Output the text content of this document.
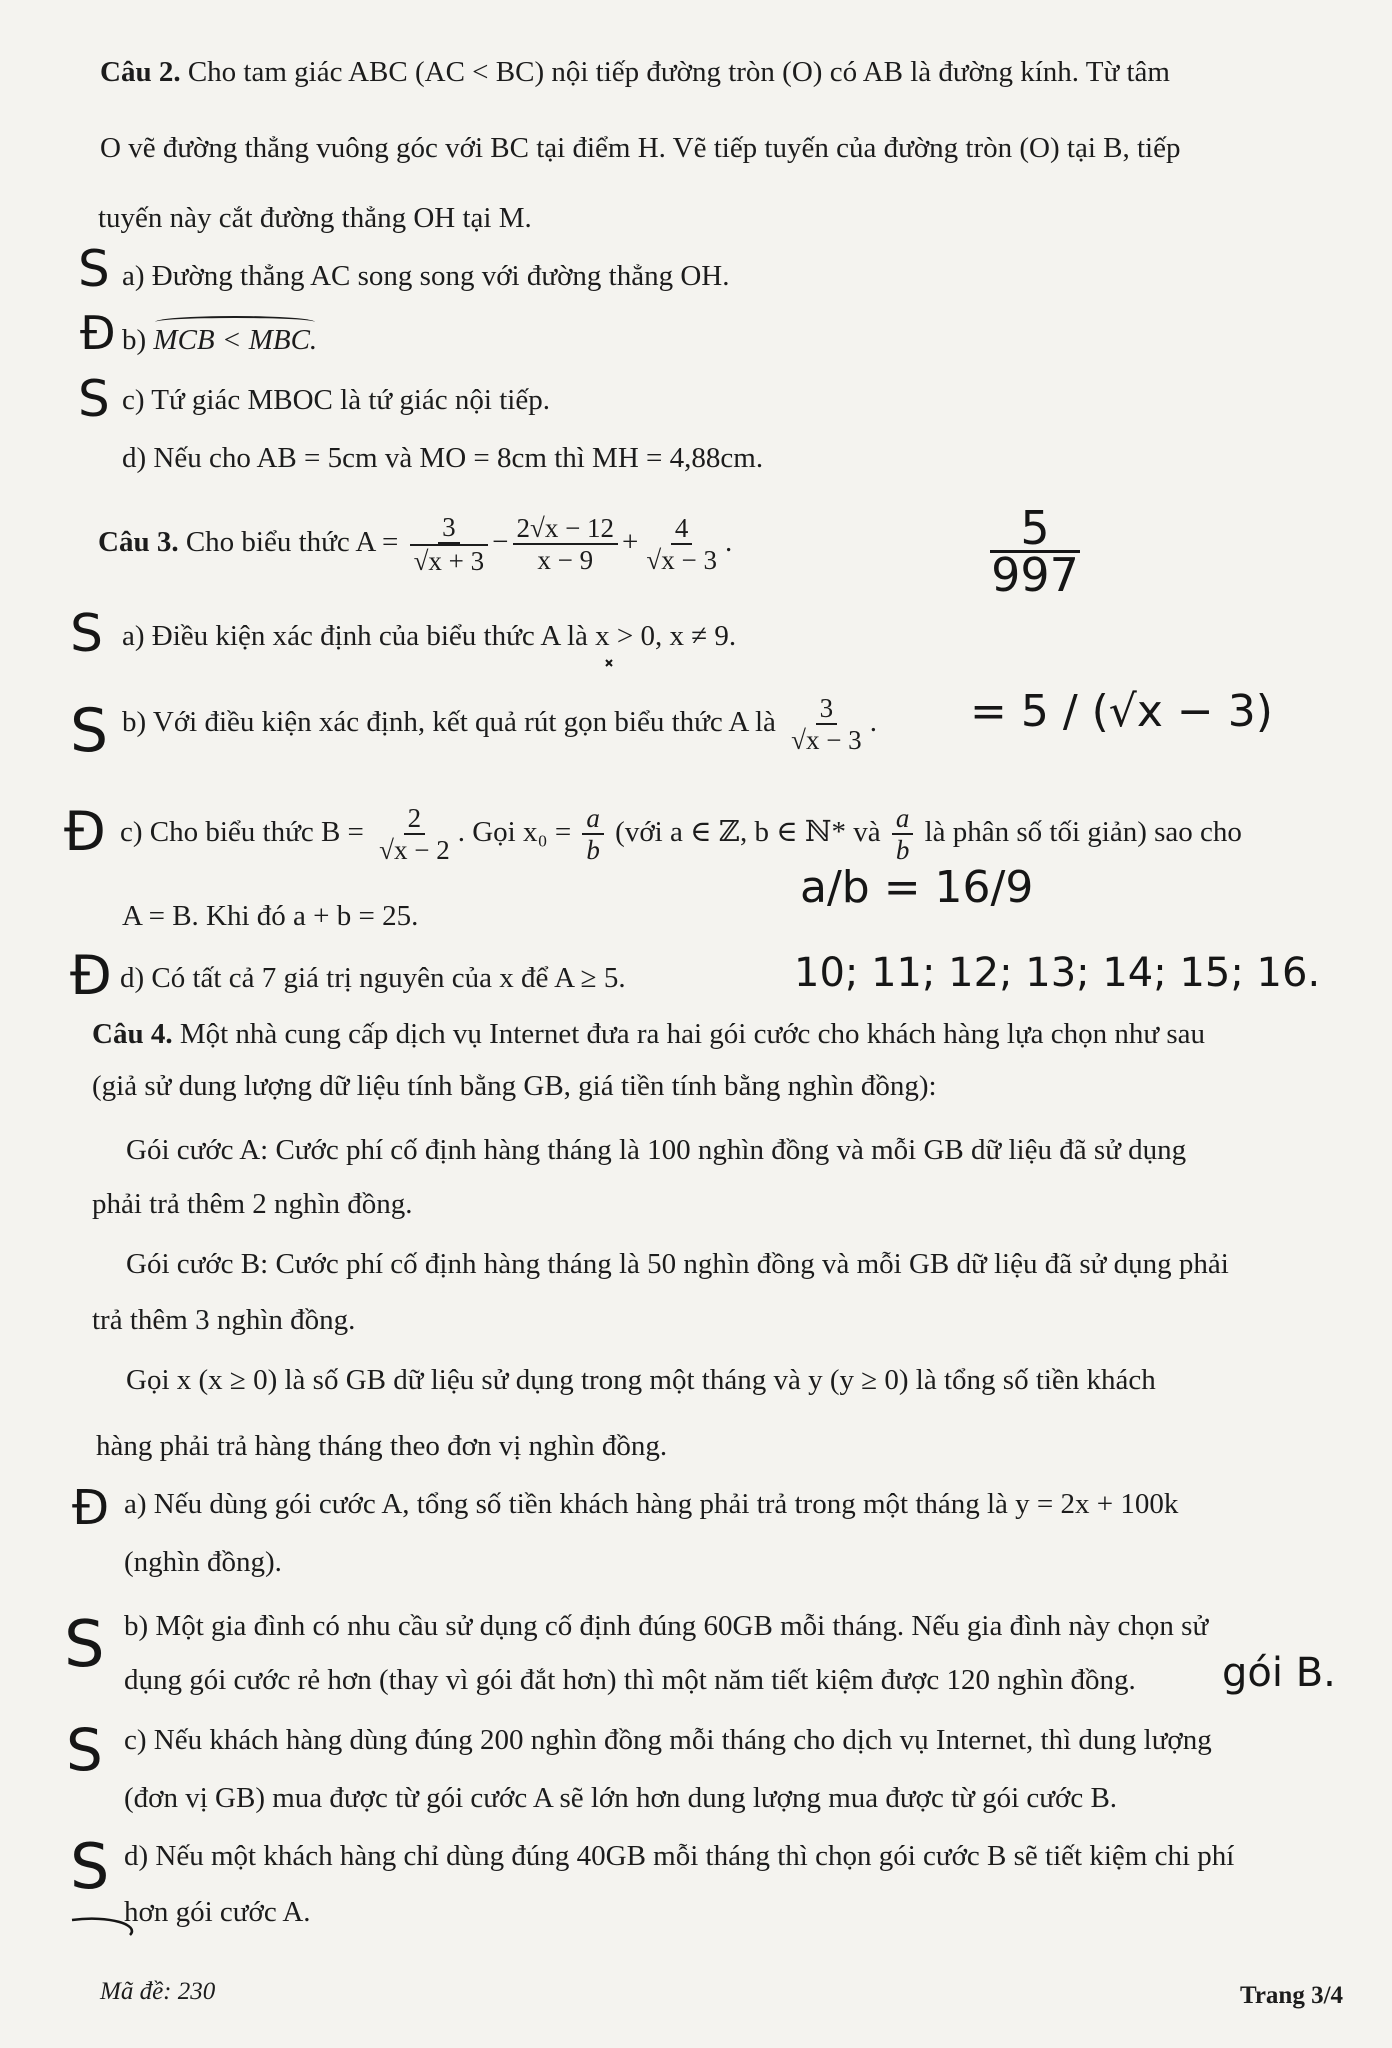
Câu 2. Cho tam giác ABC (AC < BC) nội tiếp đường tròn (O) có AB là đường kính. Từ tâm
O vẽ đường thẳng vuông góc với BC tại điểm H. Vẽ tiếp tuyến của đường tròn (O) tại B, tiếp
tuyến này cắt đường thẳng OH tại M.
a) Đường thẳng AC song song với đường thẳng OH.
b) MCB < MBC.
c) Tứ giác MBOC là tứ giác nội tiếp.
d) Nếu cho AB = 5cm và MO = 8cm thì MH = 4,88cm.
Câu 3. Cho biểu thức $A = \frac{3}{√x + 3} - \frac{2√x - 12}{x - 9} + \frac{4}{√x - 3}$ .
a) Điều kiện xác định của biểu thức A là x > 0, x ≠ 9.
b) Với điều kiện xác định, kết quả rút gọn biểu thức A là $\frac{3}{√x - 3}$ .
c) Cho biểu thức $B = \frac{2}{√x - 2}$ . Gọi $x_0 = \frac{a}{b}$ (với a ∈ ℤ, b ∈ ℕ* và $\frac{a}{b}$ là phân số tối giản) sao cho
A = B. Khi đó a + b = 25.
d) Có tất cả 7 giá trị nguyên của x để A ≥ 5.
Câu 4. Một nhà cung cấp dịch vụ Internet đưa ra hai gói cước cho khách hàng lựa chọn như sau
(giả sử dung lượng dữ liệu tính bằng GB, giá tiền tính bằng nghìn đồng):
Gói cước A: Cước phí cố định hàng tháng là 100 nghìn đồng và mỗi GB dữ liệu đã sử dụng
phải trả thêm 2 nghìn đồng.
Gói cước B: Cước phí cố định hàng tháng là 50 nghìn đồng và mỗi GB dữ liệu đã sử dụng phải
trả thêm 3 nghìn đồng.
Gọi x (x ≥ 0) là số GB dữ liệu sử dụng trong một tháng và y (y ≥ 0) là tổng số tiền khách
hàng phải trả hàng tháng theo đơn vị nghìn đồng.
a) Nếu dùng gói cước A, tổng số tiền khách hàng phải trả trong một tháng là y = 2x + 100k
(nghìn đồng).
b) Một gia đình có nhu cầu sử dụng cố định đúng 60GB mỗi tháng. Nếu gia đình này chọn sử
dụng gói cước rẻ hơn (thay vì gói đắt hơn) thì một năm tiết kiệm được 120 nghìn đồng.
c) Nếu khách hàng dùng đúng 200 nghìn đồng mỗi tháng cho dịch vụ Internet, thì dung lượng
(đơn vị GB) mua được từ gói cước A sẽ lớn hơn dung lượng mua được từ gói cước B.
d) Nếu một khách hàng chỉ dùng đúng 40GB mỗi tháng thì chọn gói cước B sẽ tiết kiệm chi phí
hơn gói cước A.
Mã đề: 230	Trang 3/4
S
Đ
S
5
997
S
S	= 5 / (√x − 3)
Đ
a/b = 16/9
Đ	10; 11; 12; 13; 14; 15; 16.
Đ
S	gói B.
S
S
